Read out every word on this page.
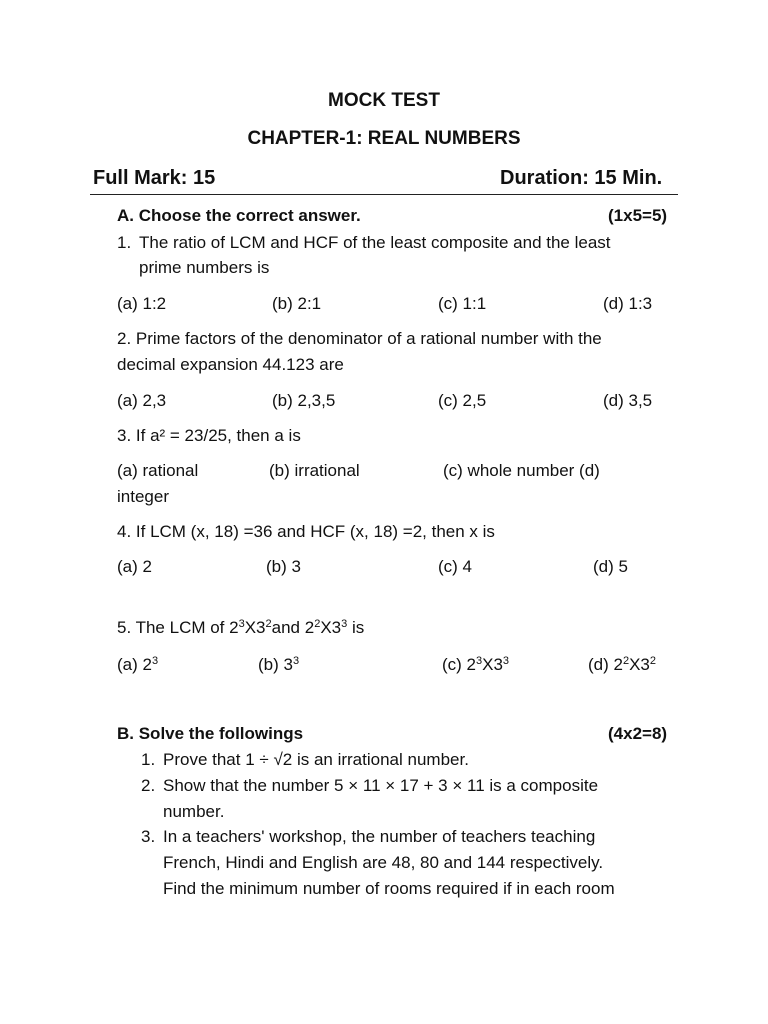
MOCK TEST
CHAPTER-1: REAL NUMBERS
Full Mark: 15	Duration: 15 Min.
A. Choose the correct answer.	(1x5=5)
1. The ratio of LCM and HCF of the least composite and the least
prime numbers is
(a) 1:2	(b) 2:1	(c) 1:1	(d) 1:3
2. Prime factors of the denominator of a rational number with the
decimal expansion 44.123 are
(a) 2,3	(b) 2,3,5	(c) 2,5	(d) 3,5
3. If a² = 23/25, then a is
(a) rational	(b) irrational	(c) whole number (d)
integer
4. If LCM (x, 18) =36 and HCF (x, 18) =2, then x is
(a) 2	(b) 3	(c) 4	(d) 5
5. The LCM of $2^3X3^2and$ $2^2X3^3$ is
(a) $2^3$	(b) $3^3$	(c) $2^3X3^3$	(d) $2^2X3^2$
B. Solve the followings	(4x2=8)
1. Prove that 1 ÷ √2 is an irrational number.
2. Show that the number 5 × 11 × 17 + 3 × 11 is a composite
number.
3. In a teachers' workshop, the number of teachers teaching
French, Hindi and English are 48, 80 and 144 respectively.
Find the minimum number of rooms required if in each room
